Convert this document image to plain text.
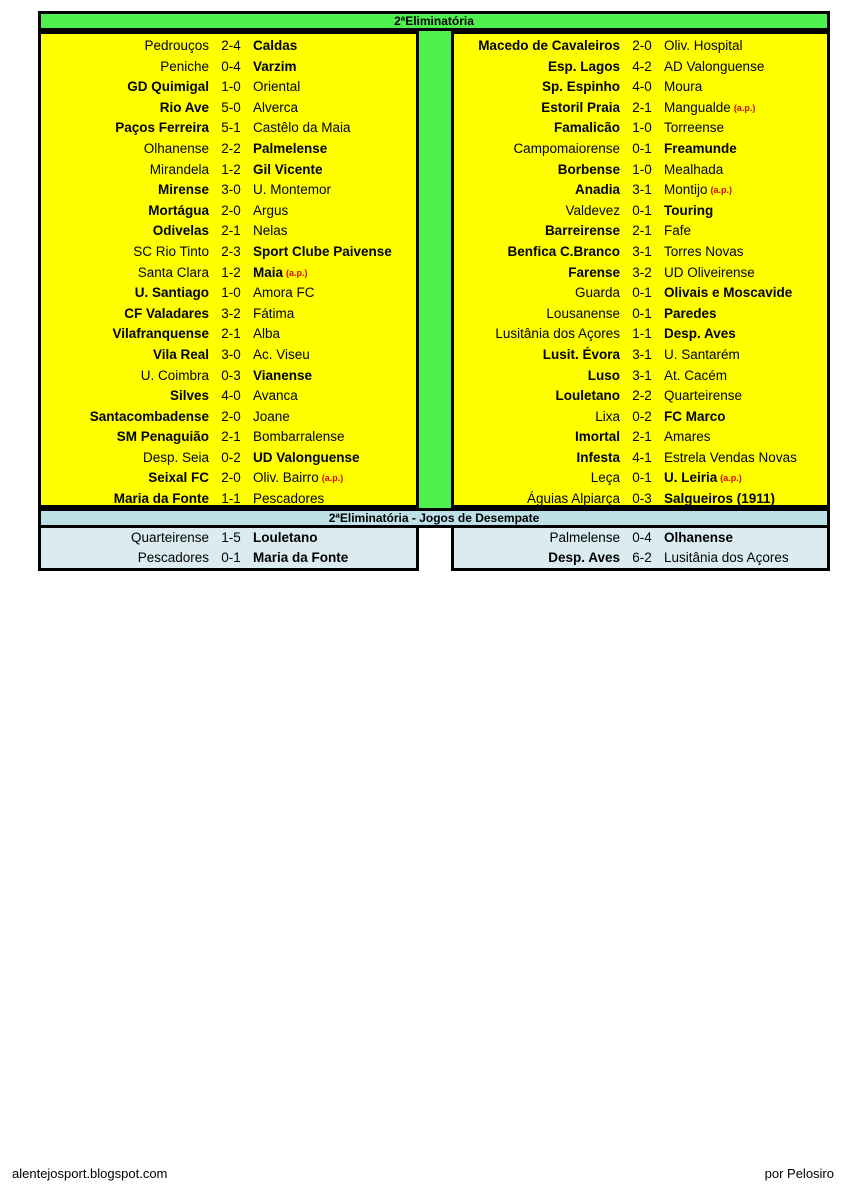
2ªEliminatória
Pedrouços 2-4 Caldas
Peniche 0-4 Varzim
GD Quimigal 1-0 Oriental
Rio Ave 5-0 Alverca
Paços Ferreira 5-1 Castêlo da Maia
Olhanense 2-2 Palmelense
Mirandela 1-2 Gil Vicente
Mirense 3-0 U. Montemor
Mortágua 2-0 Argus
Odivelas 2-1 Nelas
SC Rio Tinto 2-3 Sport Clube Paivense
Santa Clara 1-2 Maia (a.p.)
U. Santiago 1-0 Amora FC
CF Valadares 3-2 Fátima
Vilafranquense 2-1 Alba
Vila Real 3-0 Ac. Viseu
U. Coimbra 0-3 Vianense
Silves 4-0 Avanca
Santacombadense 2-0 Joane
SM Penaguião 2-1 Bombarralense
Desp. Seia 0-2 UD Valonguense
Seixal FC 2-0 Oliv. Bairro (a.p.)
Maria da Fonte 1-1 Pescadores
Macedo de Cavaleiros 2-0 Oliv. Hospital
Esp. Lagos 4-2 AD Valonguense
Sp. Espinho 4-0 Moura
Estoril Praia 2-1 Mangualde (a.p.)
Famalicão 1-0 Torreense
Campomaiorense 0-1 Freamunde
Borbense 1-0 Mealhada
Anadia 3-1 Montijo (a.p.)
Valdevez 0-1 Touring
Barreirense 2-1 Fafe
Benfica C.Branco 3-1 Torres Novas
Farense 3-2 UD Oliveirense
Guarda 0-1 Olivais e Moscavide
Lousanense 0-1 Paredes
Lusitânia dos Açores 1-1 Desp. Aves
Lusit. Évora 3-1 U. Santarém
Luso 3-1 At. Cacém
Louletano 2-2 Quarteirense
Lixa 0-2 FC Marco
Imortal 2-1 Amares
Infesta 4-1 Estrela Vendas Novas
Leça 0-1 U. Leiria (a.p.)
Águias Alpiarça 0-3 Salgueiros (1911)
2ªEliminatória - Jogos de Desempate
Quarteirense 1-5 Louletano
Pescadores 0-1 Maria da Fonte
Palmelense 0-4 Olhanense
Desp. Aves 6-2 Lusitânia dos Açores
alentejosport.blogspot.com	por Pelosiro
